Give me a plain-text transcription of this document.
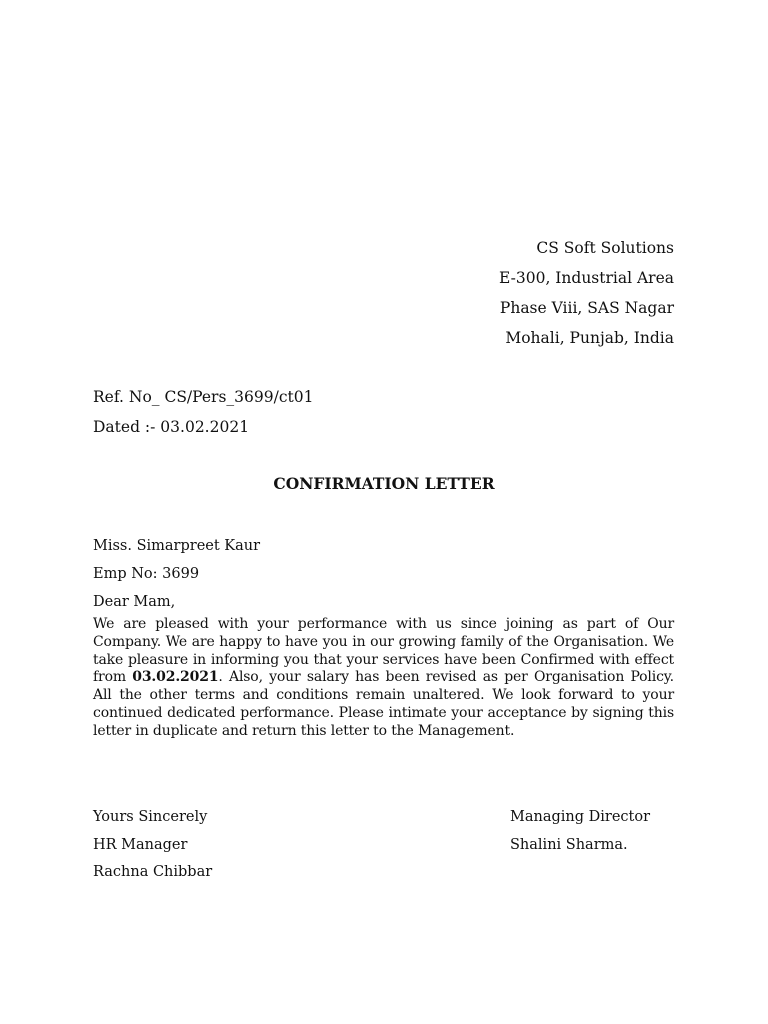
CS Soft Solutions
E-300, Industrial Area
Phase Viii, SAS Nagar
Mohali, Punjab, India
Ref. No_ CS/Pers_3699/ct01
Dated :- 03.02.2021
CONFIRMATION LETTER
Miss. Simarpreet Kaur
Emp No: 3699
Dear Mam,
We are pleased with your performance with us since joining as part of Our Company. We are happy to have you in our growing family of the Organisation. We take pleasure in informing you that your services have been Confirmed with effect from 03.02.2021. Also, your salary has been revised as per Organisation Policy. All the other terms and conditions remain unaltered. We look forward to your continued dedicated performance. Please intimate your acceptance by signing this letter in duplicate and return this letter to the Management.
Yours Sincerely
HR Manager
Rachna Chibbar
Managing Director
Shalini Sharma.
